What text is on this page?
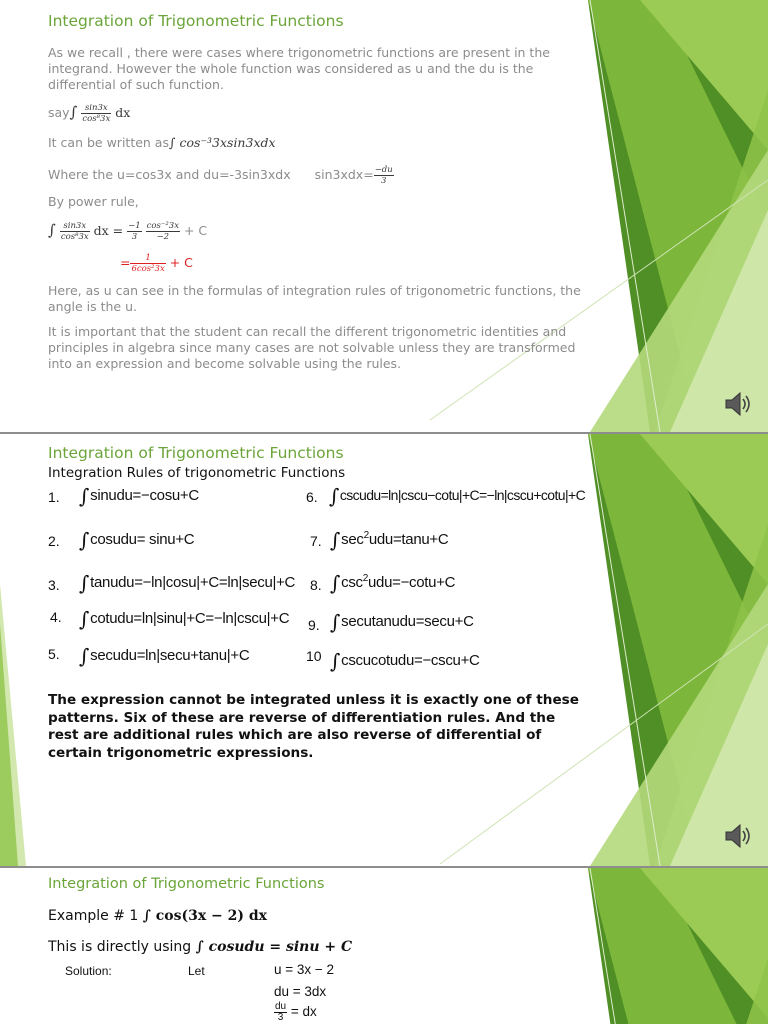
Integration of Trigonometric Functions
As we recall , there were cases where trigonometric functions are present in the integrand. However the whole function was considered as u and the du is the differential of such function.
$say\int \frac{\sin 3x}{\text{cos⁸3x}}$ dx
It can be written as∫ cos⁻³3xsin3xdx
Where the u=cos3x and du=-3sin3xdx $\sin 3xdx= \frac{-du}{3}$
By power rule,
∫ $\frac{\sin 3x}{\text{cos⁸3x}}$ dx = $\frac{-1}{3}$
$\frac{\text{cos⁻²3x}}{-2} + C$
= $\frac{1}{\text{6cos²3x}} + C$
Here, as u can see in the formulas of integration rules of trigonometric functions, the angle is the u.
It is important that the student can recall the different trigonometric identities and principles in algebra since many cases are not solvable unless they are transformed into an expression and become solvable using the rules.
Integration of Trigonometric Functions
Integration Rules of trigonometric Functions
1. ∫sinudu=−cosu+C
2. ∫cosudu= sinu+C
3. ∫tanudu=−ln|cosu|+C=ln|secu|+C
4. ∫cotudu=ln|sinu|+C=−ln|cscu|+C
5. ∫secudu=ln|secu+tanu|+C
6. ∫cscudu=ln|cscu−cotu|+C=−ln|cscu+cotu|+C
7. $\int\sec^2udu=\tan u+C$
8. $\int\csc^2udu=-\cot u+C$
9. ∫secutanudu=secu+C
10 ∫cscucotudu=−cscu+C
The expression cannot be integrated unless it is exactly one of these patterns. Six of these are reverse of differentiation rules. And the rest are additional rules which are also reverse of differential of certain trigonometric expressions.
Integration of Trigonometric Functions
Example # 1 ∫ cos(3x − 2) dx
This is directly using ∫ cosudu = sinu + C
Solution:	Let	u = 3x − 2
du = 3dx
$\frac{du}{3}$ = dx
